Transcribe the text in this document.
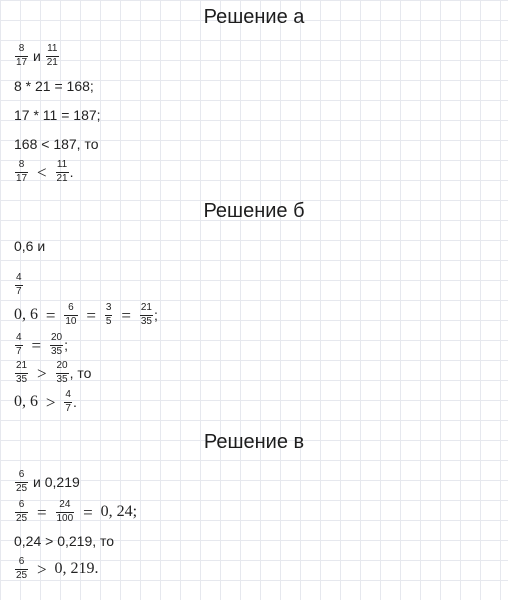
Решение а
$\frac{8}{17}$ и $\frac{11}{21}$
8 * 21 = 168;
17 * 11 = 187;
168 < 187, то
$\frac{8}{17} < \frac{11}{21}$ .
Решение б
0,6 и
$\frac{4}{7}$
0, $6 = \frac{6}{10} = \frac{3}{5} = \frac{21}{35}$ ;
$\frac{4}{7} = \frac{20}{35}$ ;
$\frac{21}{35} > \frac{20}{35}$ , то
0, $6 > \frac{4}{7}$ .
Решение в
$\frac{6}{25}$ и 0,219
$\frac{6}{25} = \frac{24}{100} = 0$, 24;
0,24 > 0,219, то
$\frac{6}{25} > 0$, 219.
